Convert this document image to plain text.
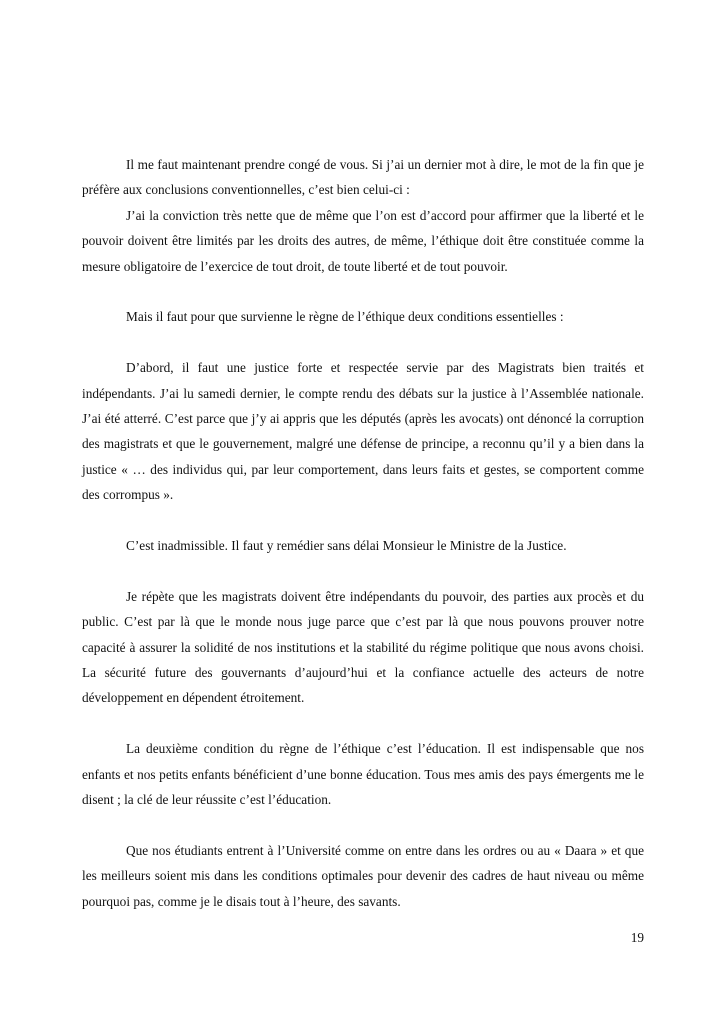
Il me faut maintenant prendre congé de vous. Si j’ai un dernier mot à dire, le mot de la fin que je préfère aux conclusions conventionnelles, c’est bien celui-ci :

J’ai la conviction très nette que de même que l’on est d’accord pour affirmer que la liberté et le pouvoir doivent être limités par les droits des autres, de même, l’éthique doit être constituée comme la mesure obligatoire de l’exercice de tout droit, de toute liberté et de tout pouvoir.

Mais il faut pour que survienne le règne de l’éthique deux conditions essentielles :

D’abord, il faut une justice forte et respectée servie par des Magistrats bien traités et indépendants. J’ai lu samedi dernier, le compte rendu des débats sur la justice à l’Assemblée nationale. J’ai été atterré. C’est parce que j’y ai appris que les députés (après les avocats) ont dénoncé la corruption des magistrats et que le gouvernement, malgré une défense de principe, a reconnu qu’il y a bien dans la justice « … des individus qui, par leur comportement, dans leurs faits et gestes, se comportent comme des corrompus ».

C’est inadmissible. Il faut y remédier sans délai Monsieur le Ministre de la Justice.

Je répète que les magistrats doivent être indépendants du pouvoir, des parties aux procès et du public. C’est par là que le monde nous juge parce que c’est par là que nous pouvons prouver notre capacité à assurer la solidité de nos institutions et la stabilité du régime politique que nous avons choisi. La sécurité future des gouvernants d’aujourd’hui et la confiance actuelle des acteurs de notre développement en dépendent étroitement.

La deuxième condition du règne de l’éthique c’est l’éducation. Il est indispensable que nos enfants et nos petits enfants bénéficient d’une bonne éducation. Tous mes amis des pays émergents me le disent ; la clé de leur réussite c’est l’éducation.

Que nos étudiants entrent à l’Université comme on entre dans les ordres ou au « Daara » et que les meilleurs soient mis dans les conditions optimales pour devenir des cadres de haut niveau ou même pourquoi pas, comme je le disais tout à l’heure, des savants.

19
